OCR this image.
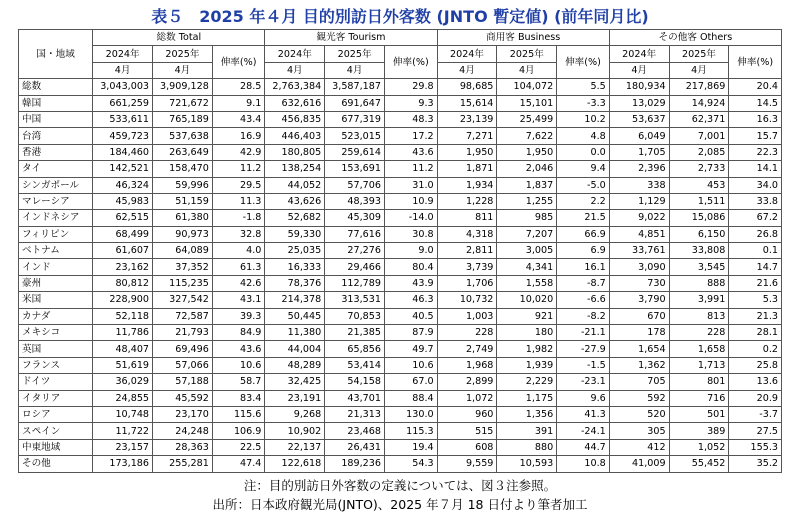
表５　2025 年４月 目的別訪日外客数 (JNTO 暫定値) (前年同月比)
国・地域	総数 Total			観光客 Tourism			商用客 Business			その他客 Others		
	2024年	2025年	伸率(%)	2024年	2025年	伸率(%)	2024年	2025年	伸率(%)	2024年	2025年	伸率(%)
	4月	4月		4月	4月		4月	4月		4月	4月	
総数	3,043,003	3,909,128	28.5	2,763,384	3,587,187	29.8	98,685	104,072	5.5	180,934	217,869	20.4
韓国	661,259	721,672	9.1	632,616	691,647	9.3	15,614	15,101	-3.3	13,029	14,924	14.5
中国	533,611	765,189	43.4	456,835	677,319	48.3	23,139	25,499	10.2	53,637	62,371	16.3
台湾	459,723	537,638	16.9	446,403	523,015	17.2	7,271	7,622	4.8	6,049	7,001	15.7
香港	184,460	263,649	42.9	180,805	259,614	43.6	1,950	1,950	0.0	1,705	2,085	22.3
タイ	142,521	158,470	11.2	138,254	153,691	11.2	1,871	2,046	9.4	2,396	2,733	14.1
シンガポール	46,324	59,996	29.5	44,052	57,706	31.0	1,934	1,837	-5.0	338	453	34.0
マレーシア	45,983	51,159	11.3	43,626	48,393	10.9	1,228	1,255	2.2	1,129	1,511	33.8
インドネシア	62,515	61,380	-1.8	52,682	45,309	-14.0	811	985	21.5	9,022	15,086	67.2
フィリピン	68,499	90,973	32.8	59,330	77,616	30.8	4,318	7,207	66.9	4,851	6,150	26.8
ベトナム	61,607	64,089	4.0	25,035	27,276	9.0	2,811	3,005	6.9	33,761	33,808	0.1
インド	23,162	37,352	61.3	16,333	29,466	80.4	3,739	4,341	16.1	3,090	3,545	14.7
豪州	80,812	115,235	42.6	78,376	112,789	43.9	1,706	1,558	-8.7	730	888	21.6
米国	228,900	327,542	43.1	214,378	313,531	46.3	10,732	10,020	-6.6	3,790	3,991	5.3
カナダ	52,118	72,587	39.3	50,445	70,853	40.5	1,003	921	-8.2	670	813	21.3
メキシコ	11,786	21,793	84.9	11,380	21,385	87.9	228	180	-21.1	178	228	28.1
英国	48,407	69,496	43.6	44,004	65,856	49.7	2,749	1,982	-27.9	1,654	1,658	0.2
フランス	51,619	57,066	10.6	48,289	53,414	10.6	1,968	1,939	-1.5	1,362	1,713	25.8
ドイツ	36,029	57,188	58.7	32,425	54,158	67.0	2,899	2,229	-23.1	705	801	13.6
イタリア	24,855	45,592	83.4	23,191	43,701	88.4	1,072	1,175	9.6	592	716	20.9
ロシア	10,748	23,170	115.6	9,268	21,313	130.0	960	1,356	41.3	520	501	-3.7
スペイン	11,722	24,248	106.9	10,902	23,468	115.3	515	391	-24.1	305	389	27.5
中東地域	23,157	28,363	22.5	22,137	26,431	19.4	608	880	44.7	412	1,052	155.3
その他	173,186	255,281	47.4	122,618	189,236	54.3	9,559	10,593	10.8	41,009	55,452	35.2
注：目的別訪日外客数の定義については、図３注参照。
出所：日本政府観光局(JNTO)、2025 年７月 18 日付より筆者加工
